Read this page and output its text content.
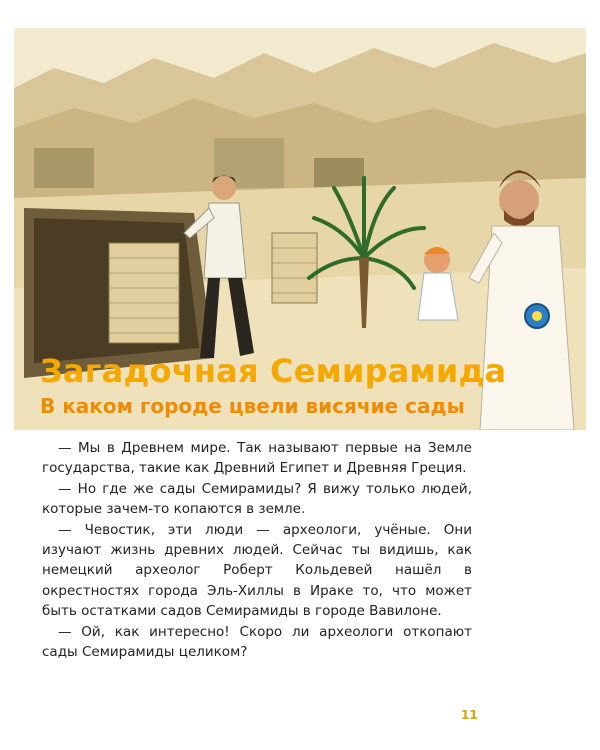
Загадочная Семирамида
В каком городе цвели висячие сады

— Мы в Древнем мире. Так называют первые на Земле государства, такие как Древний Египет и Древняя Греция.

— Но где же сады Семирамиды? Я вижу только людей, которые зачем-то копаются в земле.

— Чевостик, эти люди — археологи, учёные. Они изучают жизнь древних людей. Сейчас ты видишь, как немецкий археолог Роберт Кольдевей нашёл в окрестностях города Эль-Хиллы в Ираке то, что может быть остатками садов Семирамиды в городе Вавилоне.

— Ой, как интересно! Скоро ли археологи откопают сады Семирамиды целиком?

11
